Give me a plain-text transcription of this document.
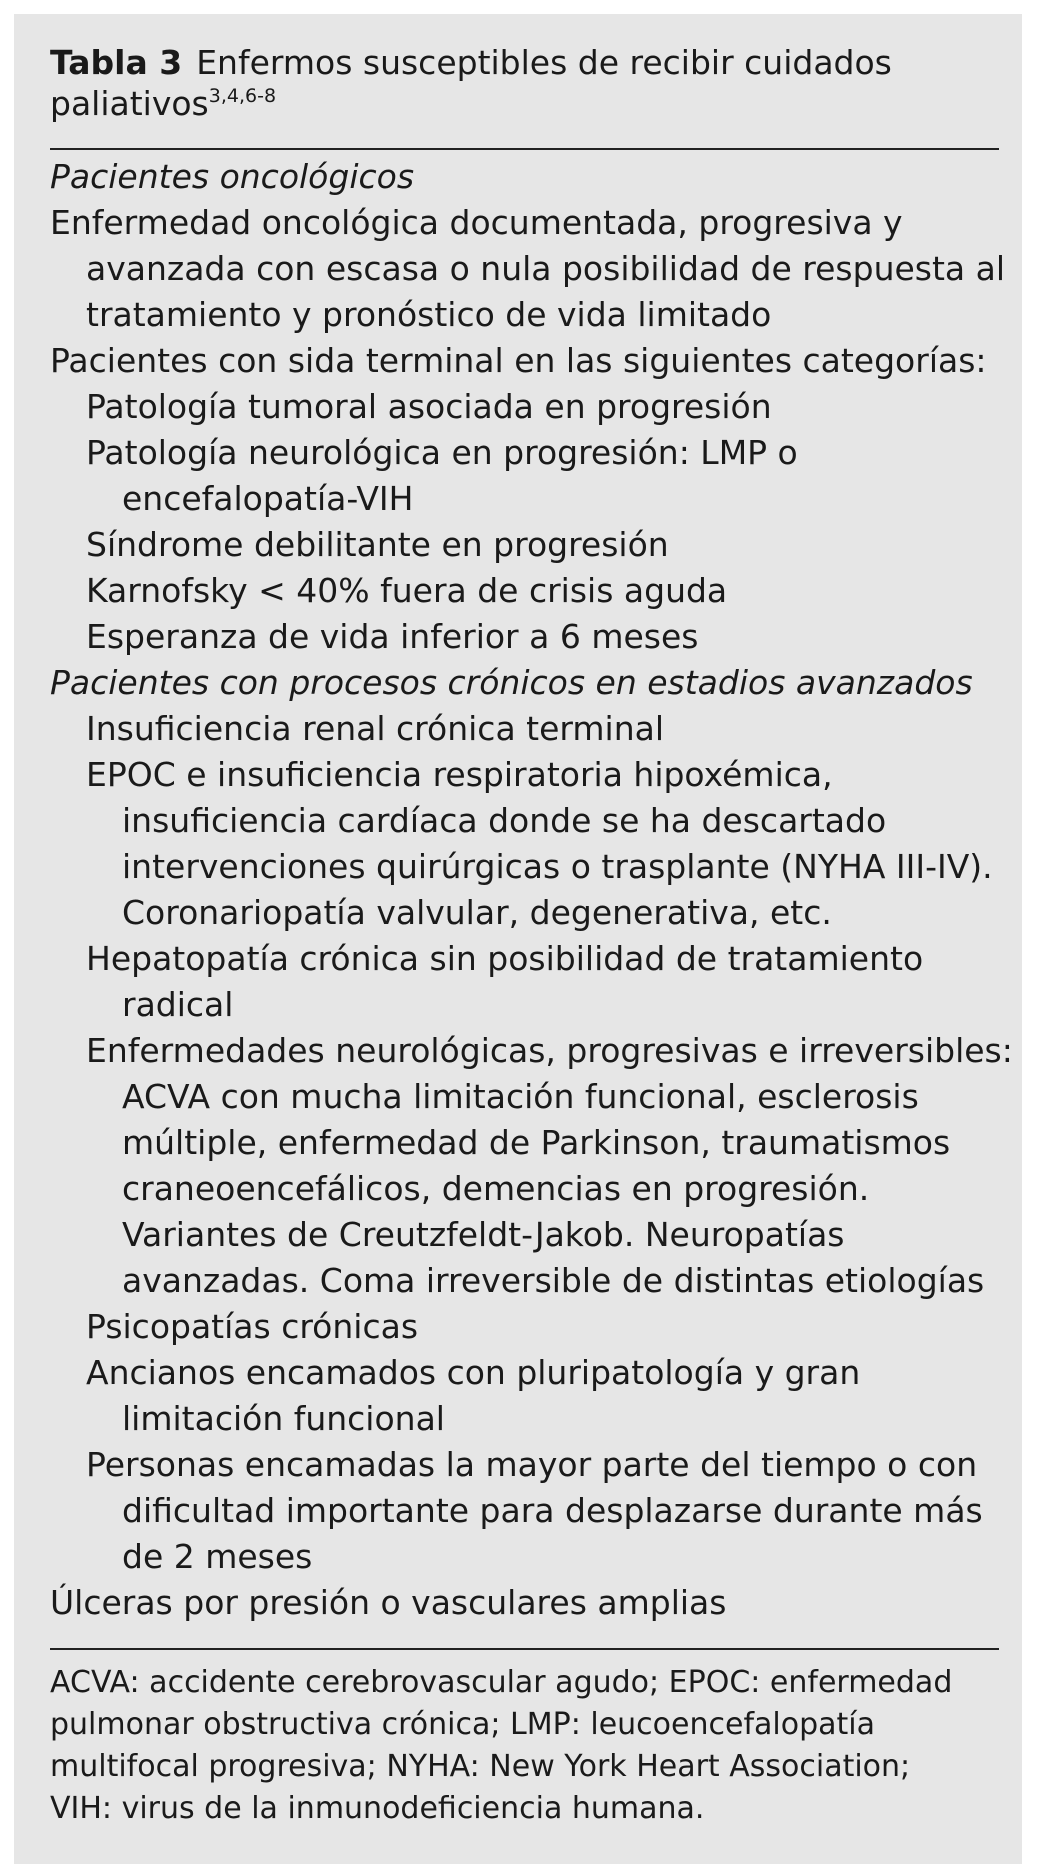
Tabla 3 Enfermos susceptibles de recibir cuidados
paliativos$^{3,4,6-8}$
Pacientes oncológicos
Enfermedad oncológica documentada, progresiva y
avanzada con escasa o nula posibilidad de respuesta al
tratamiento y pronóstico de vida limitado
Pacientes con sida terminal en las siguientes categorías:
Patología tumoral asociada en progresión
Patología neurológica en progresión: LMP o
encefalopatía-VIH
Síndrome debilitante en progresión
Karnofsky < 40% fuera de crisis aguda
Esperanza de vida inferior a 6 meses
Pacientes con procesos crónicos en estadios avanzados
Insuficiencia renal crónica terminal
EPOC e insuficiencia respiratoria hipoxémica,
insuficiencia cardíaca donde se ha descartado
intervenciones quirúrgicas o trasplante (NYHA III-IV).
Coronariopatía valvular, degenerativa, etc.
Hepatopatía crónica sin posibilidad de tratamiento
radical
Enfermedades neurológicas, progresivas e irreversibles:
ACVA con mucha limitación funcional, esclerosis
múltiple, enfermedad de Parkinson, traumatismos
craneoencefálicos, demencias en progresión.
Variantes de Creutzfeldt-Jakob. Neuropatías
avanzadas. Coma irreversible de distintas etiologías
Psicopatías crónicas
Ancianos encamados con pluripatología y gran
limitación funcional
Personas encamadas la mayor parte del tiempo o con
dificultad importante para desplazarse durante más
de 2 meses
Úlceras por presión o vasculares amplias
ACVA: accidente cerebrovascular agudo; EPOC: enfermedad
pulmonar obstructiva crónica; LMP: leucoencefalopatía
multifocal progresiva; NYHA: New York Heart Association;
VIH: virus de la inmunodeficiencia humana.
